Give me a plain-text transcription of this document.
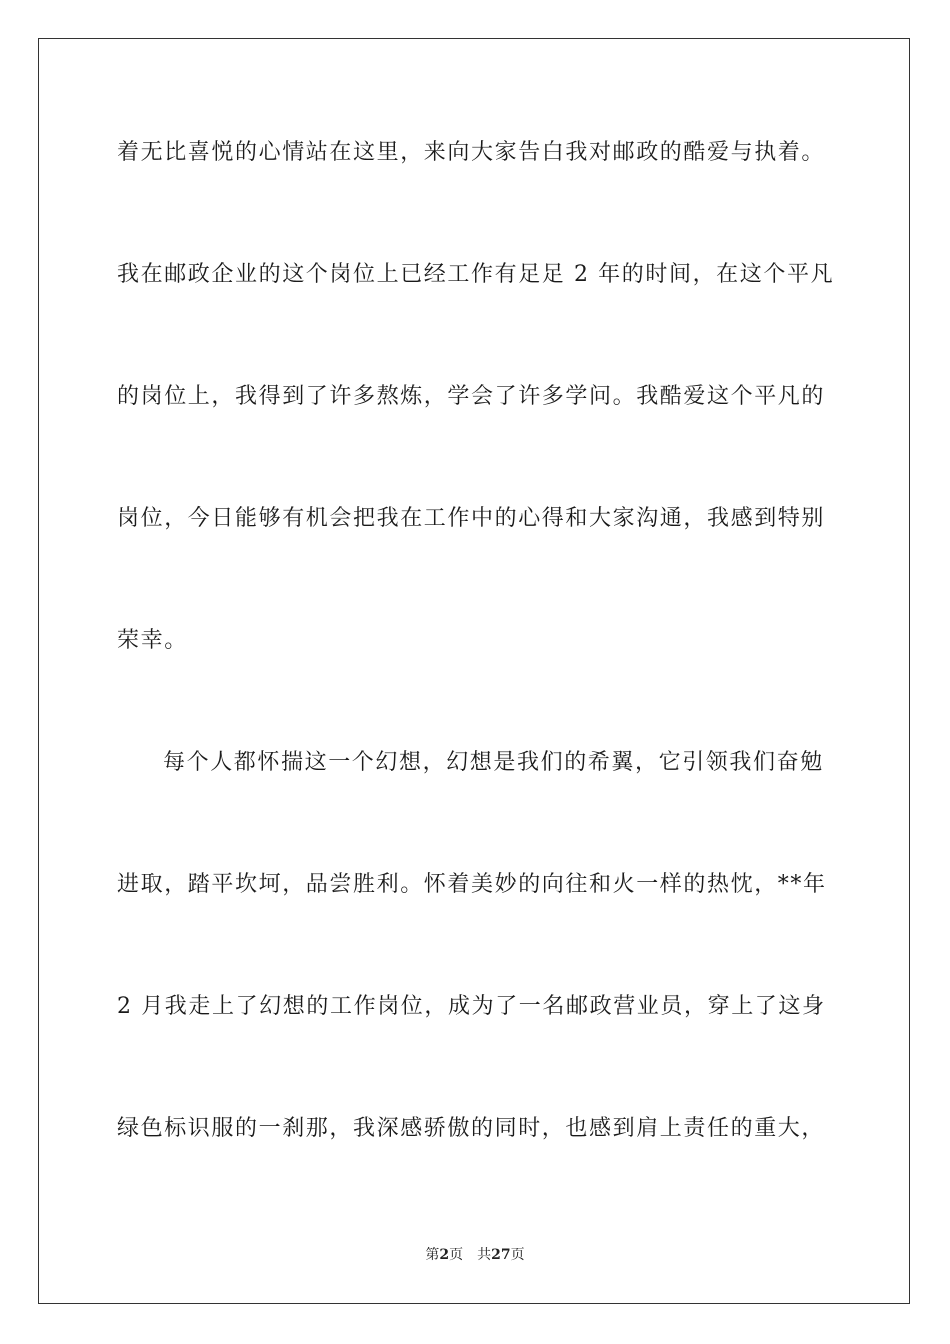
着无比喜悦的心情站在这里，来向大家告白我对邮政的酷爱与执着。
我在邮政企业的这个岗位上已经工作有足足 2 年的时间，在这个平凡
的岗位上，我得到了许多熬炼，学会了许多学问。我酷爱这个平凡的
岗位，今日能够有机会把我在工作中的心得和大家沟通，我感到特别
荣幸。
每个人都怀揣这一个幻想，幻想是我们的希翼，它引领我们奋勉
进取，踏平坎坷，品尝胜利。怀着美妙的向往和火一样的热忱，**年
2 月我走上了幻想的工作岗位，成为了一名邮政营业员，穿上了这身
绿色标识服的一刹那，我深感骄傲的同时，也感到肩上责任的重大，
第2页 共27页
